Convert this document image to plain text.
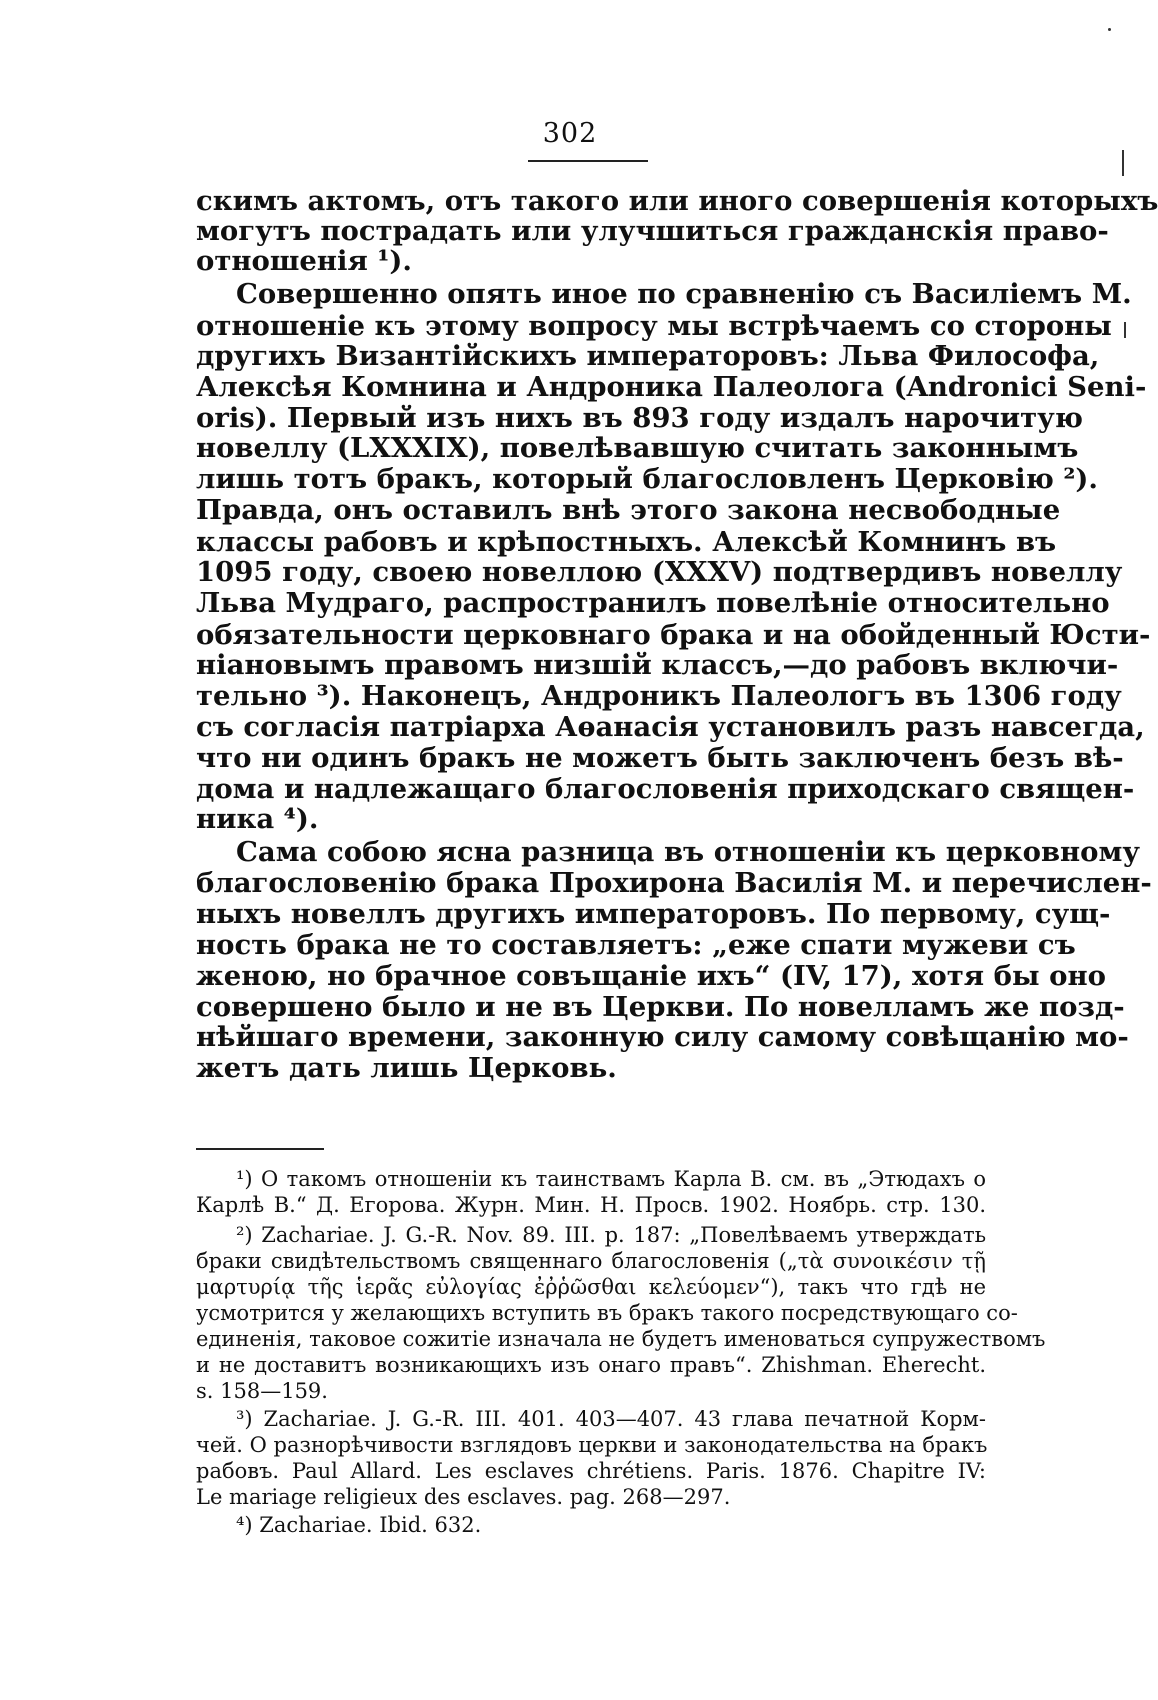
302

скимъ актомъ, отъ такого или иного совершенія которыхъ

могутъ пострадать или улучшиться гражданскія право-

отношенія ¹).

Совершенно опять иное по сравненію съ Василіемъ М.

отношеніе къ этому вопросу мы встрѣчаемъ со стороны

другихъ Византійскихъ императоровъ: Льва Философа,

Алексѣя Комнина и Андроника Палеолога (Andronici Seni-

oris). Первый изъ нихъ въ 893 году издалъ нарочитую

новеллу (LXXXIX), повелѣвавшую считать законнымъ

лишь тотъ бракъ, который благословленъ Церковію ²).

Правда, онъ оставилъ внѣ этого закона несвободные

классы рабовъ и крѣпостныхъ. Алексѣй Комнинъ въ

1095 году, своею новеллою (XXXV) подтвердивъ новеллу

Льва Мудраго, распространилъ повелѣніе относительно

обязательности церковнаго брака и на обойденный Юсти-

ніановымъ правомъ низшій классъ,—до рабовъ включи-

тельно ³). Наконецъ, Андроникъ Палеологъ въ 1306 году

съ согласія патріарха Аѳанасія установилъ разъ навсегда,

что ни одинъ бракъ не можетъ быть заключенъ безъ вѣ-

дома и надлежащаго благословенія приходскаго священ-

ника ⁴).

Сама собою ясна разница въ отношеніи къ церковному

благословенію брака Прохирона Василія М. и перечислен-

ныхъ новеллъ другихъ императоровъ. По первому, сущ-

ность брака не то составляетъ: „еже спати мужеви съ

женою, но брачное совъщаніе ихъ“ (IV, 17), хотя бы оно

совершено было и не въ Церкви. По новелламъ же позд-

нѣйшаго времени, законную силу самому совѣщанію мо-

жетъ дать лишь Церковь.

¹) О такомъ отношеніи къ таинствамъ Карла В. см. въ „Этюдахъ о

Карлѣ В.“ Д. Егорова. Журн. Мин. Н. Просв. 1902. Ноябрь. стр. 130.

²) Zachariae. J. G.-R. Nov. 89. III. p. 187: „Повелѣваемъ утверждать

браки свидѣтельствомъ священнаго благословенія („τὰ συνοικέσιν τῇ

μαρτυρίᾳ τῆς ἱερᾶς εὐλογίας ἐῤῥῶσθαι κελεύομεν“), такъ что гдѣ не

усмотрится у желающихъ вступить въ бракъ такого посредствующаго со-

единенія, таковое сожитіе изначала не будетъ именоваться супружествомъ

и не доставитъ возникающихъ изъ онаго правъ“. Zhishman. Eherecht.

s. 158—159.

³) Zachariae. J. G.-R. III. 401. 403—407. 43 глава печатной Корм-

чей. О разнорѣчивости взглядовъ церкви и законодательства на бракъ

рабовъ. Paul Allard. Les esclaves chrétiens. Paris. 1876. Chapitre IV:

Le mariage religieux des esclaves. pag. 268—297.

⁴) Zachariae. Ibid. 632.
